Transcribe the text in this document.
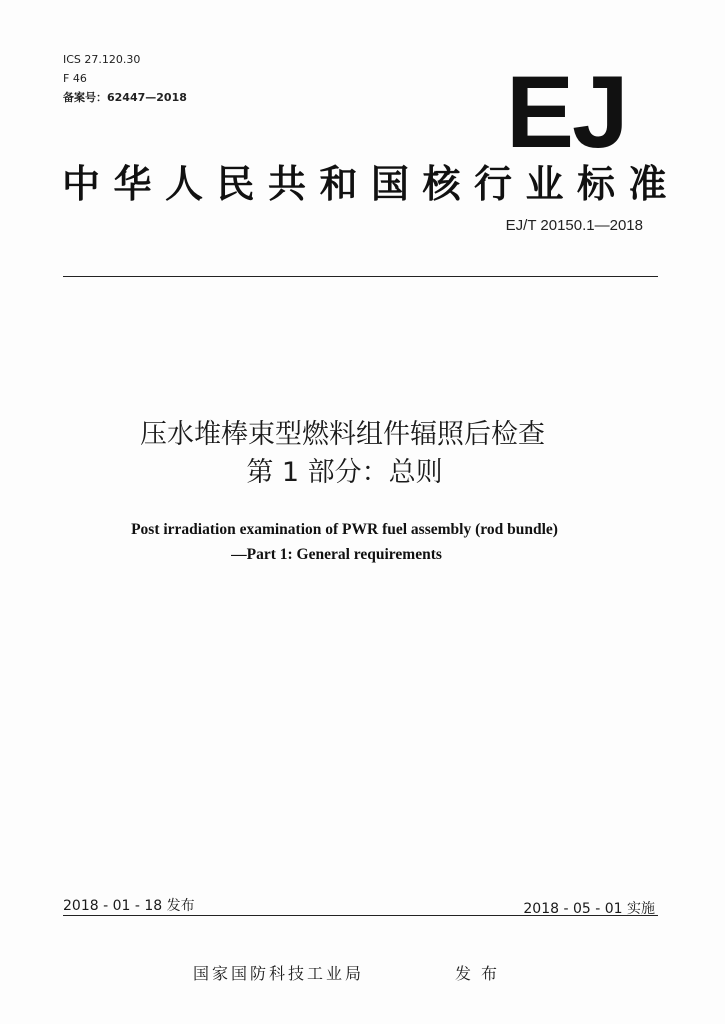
ICS 27.120.30
F 46
备案号：62447—2018	EJ
中华人民共和国核行业标准
EJ/T 20150.1—2018
压水堆棒束型燃料组件辐照后检查
第 1 部分：总则
Post irradiation examination of PWR fuel assembly (rod bundle)
—Part 1: General requirements
2018 - 01 - 18 发布	2018 - 05 - 01 实施
国家国防科技工业局	发布
